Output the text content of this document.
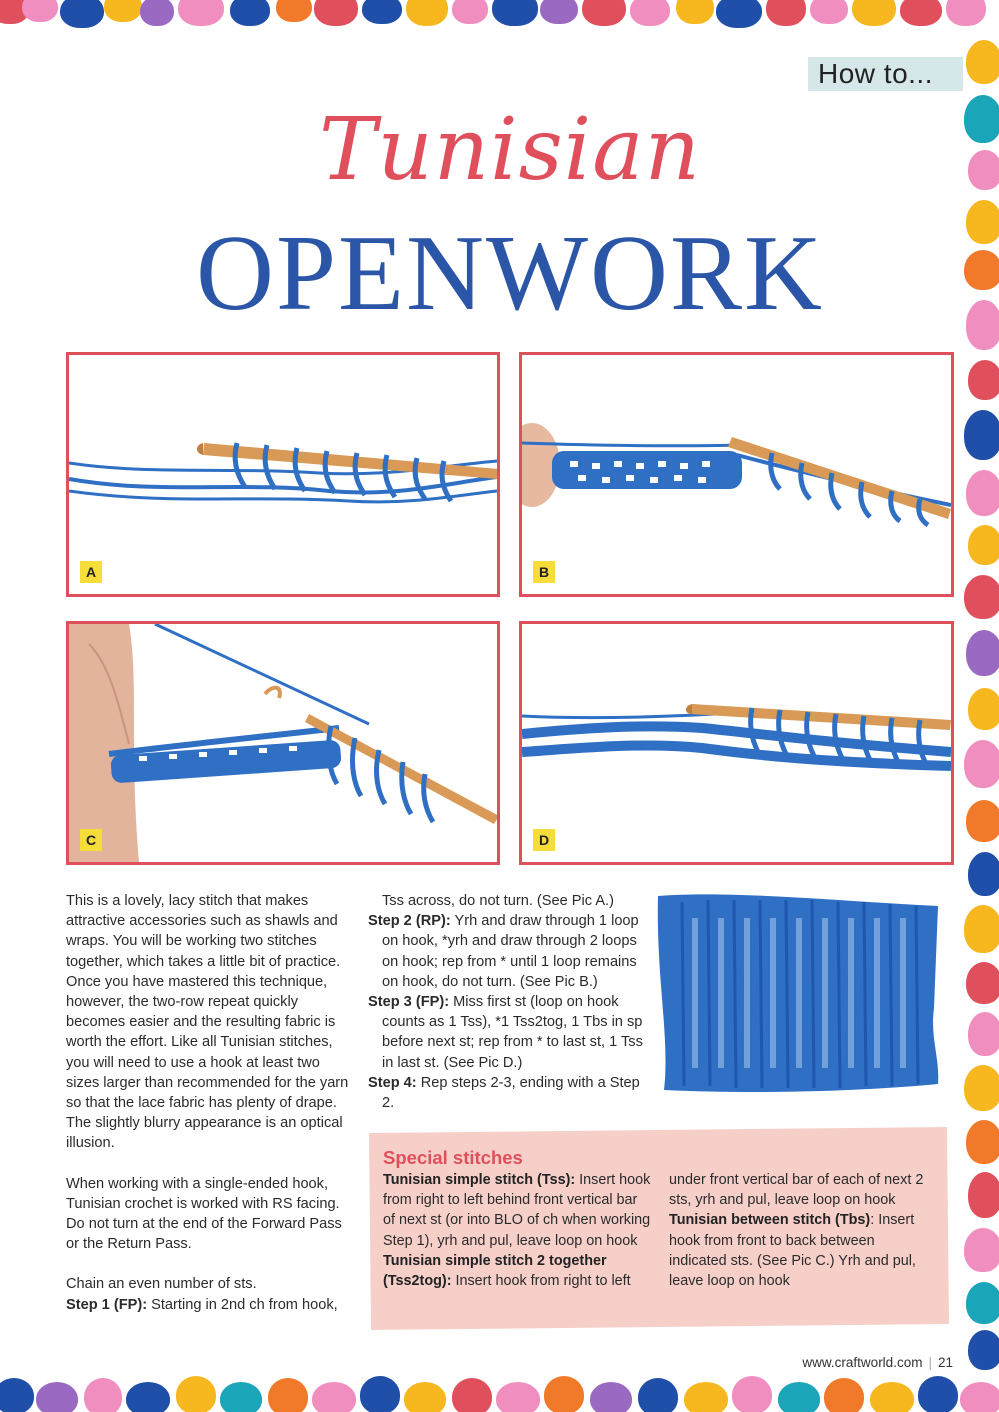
How to...
Tunisian
OPENWORK
A	B
C	D

This is a lovely, lacy stitch that makes attractive accessories such as shawls and wraps. You will be working two stitches together, which takes a little bit of practice. Once you have mastered this technique, however, the two-row repeat quickly becomes easier and the resulting fabric is worth the effort. Like all Tunisian stitches, you will need to use a hook at least two sizes larger than recommended for the yarn so that the lace fabric has plenty of drape. The slightly blurry appearance is an optical illusion.

When working with a single-ended hook, Tunisian crochet is worked with RS facing. Do not turn at the end of the Forward Pass or the Return Pass.

Chain an even number of sts.
Step 1 (FP): Starting in 2nd ch from hook,
Tss across, do not turn. (See Pic A.)
Step 2 (RP): Yrh and draw through 1 loop on hook, *yrh and draw through 2 loops on hook; rep from * until 1 loop remains on hook, do not turn. (See Pic B.)
Step 3 (FP): Miss first st (loop on hook counts as 1 Tss), *1 Tss2tog, 1 Tbs in sp before next st; rep from * to last st, 1 Tss in last st. (See Pic D.)
Step 4: Rep steps 2-3, ending with a Step 2.
Special stitches
Tunisian simple stitch (Tss): Insert hook from right to left behind front vertical bar of next st (or into BLO of ch when working Step 1), yrh and pul, leave loop on hook
Tunisian simple stitch 2 together (Tss2tog): Insert hook from right to left
under front vertical bar of each of next 2 sts, yrh and pul, leave loop on hook
Tunisian between stitch (Tbs): Insert hook from front to back between indicated sts. (See Pic C.) Yrh and pul, leave loop on hook
www.craftworld.com | 21
